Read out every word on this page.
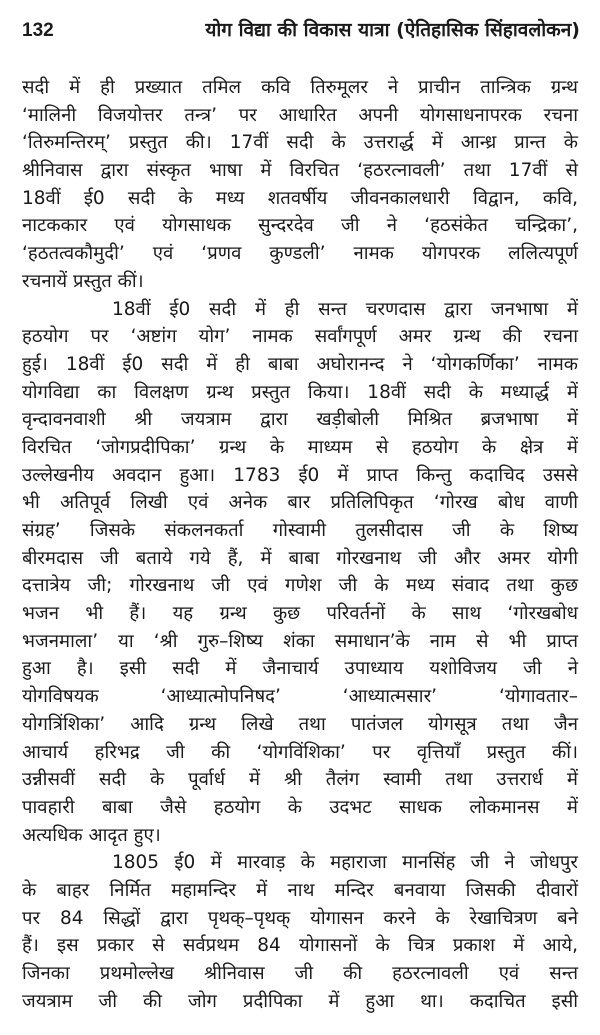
132	योग विद्या की विकास यात्रा (ऐतिहासिक सिंहावलोकन)
सदी में ही प्रख्यात तमिल कवि तिरुमूलर ने प्राचीन तान्त्रिक ग्रन्थ
‘मालिनी विजयोत्तर तन्त्र’ पर आधारित अपनी योगसाधनापरक रचना
‘तिरुमन्तिरम्’ प्रस्तुत की। 17वीं सदी के उत्तरार्द्ध में आन्ध्र प्रान्त के
श्रीनिवास द्वारा संस्कृत भाषा में विरचित ‘हठरत्नावली’ तथा 17वीं से
18वीं ई0 सदी के मध्य शतवर्षीय जीवनकालधारी विद्वान, कवि,
नाटककार एवं योगसाधक सुन्दरदेव जी ने ‘हठसंकेत चन्द्रिका’,
‘हठतत्वकौमुदी’ एवं ‘प्रणव कुण्डली’ नामक योगपरक ललित्यपूर्ण
रचनायें प्रस्तुत कीं।
18वीं ई0 सदी में ही सन्त चरणदास द्वारा जनभाषा में
हठयोग पर ‘अष्टांग योग’ नामक सर्वांगपूर्ण अमर ग्रन्थ की रचना
हुई। 18वीं ई0 सदी में ही बाबा अघोरानन्द ने ‘योगकर्णिका’ नामक
योगविद्या का विलक्षण ग्रन्थ प्रस्तुत किया। 18वीं सदी के मध्यार्द्ध में
वृन्दावनवाशी श्री जयत्राम द्वारा खड़ीबोली मिश्रित ब्रजभाषा में
विरचित ‘जोगप्रदीपिका’ ग्रन्थ के माध्यम से हठयोग के क्षेत्र में
उल्लेखनीय अवदान हुआ। 1783 ई0 में प्राप्त किन्तु कदाचिद उससे
भी अतिपूर्व लिखी एवं अनेक बार प्रतिलिपिकृत ‘गोरख बोध वाणी
संग्रह’ जिसके संकलनकर्ता गोस्वामी तुलसीदास जी के शिष्य
बीरमदास जी बताये गये हैं, में बाबा गोरखनाथ जी और अमर योगी
दत्तात्रेय जी; गोरखनाथ जी एवं गणेश जी के मध्य संवाद तथा कुछ
भजन भी हैं। यह ग्रन्थ कुछ परिवर्तनों के साथ ‘गोरखबोध
भजनमाला’ या ‘श्री गुरु–शिष्य शंका समाधान’के नाम से भी प्राप्त
हुआ है। इसी सदी में जैनाचार्य उपाध्याय यशोविजय जी ने
योगविषयक ‘आध्यात्मोपनिषद’ ‘आध्यात्मसार’ ‘योगावतार–
योगत्रिंशिका’ आदि ग्रन्थ लिखे तथा पातंजल योगसूत्र तथा जैन
आचार्य हरिभद्र जी की ‘योगविंशिका’ पर वृत्तियाँ प्रस्तुत कीं।
उन्नीसवीं सदी के पूर्वार्ध में श्री तैलंग स्वामी तथा उत्तरार्ध में
पावहारी बाबा जैसे हठयोग के उदभट साधक लोकमानस में
अत्यधिक आदृत हुए।
1805 ई0 में मारवाड़ के महाराजा मानसिंह जी ने जोधपुर
के बाहर निर्मित महामन्दिर में नाथ मन्दिर बनवाया जिसकी दीवारों
पर 84 सिद्धों द्वारा पृथक्–पृथक् योगासन करने के रेखाचित्रण बने
हैं। इस प्रकार से सर्वप्रथम 84 योगासनों के चित्र प्रकाश में आये,
जिनका प्रथमोल्लेख श्रीनिवास जी की हठरत्नावली एवं सन्त
जयत्राम जी की जोग प्रदीपिका में हुआ था। कदाचित इसी
